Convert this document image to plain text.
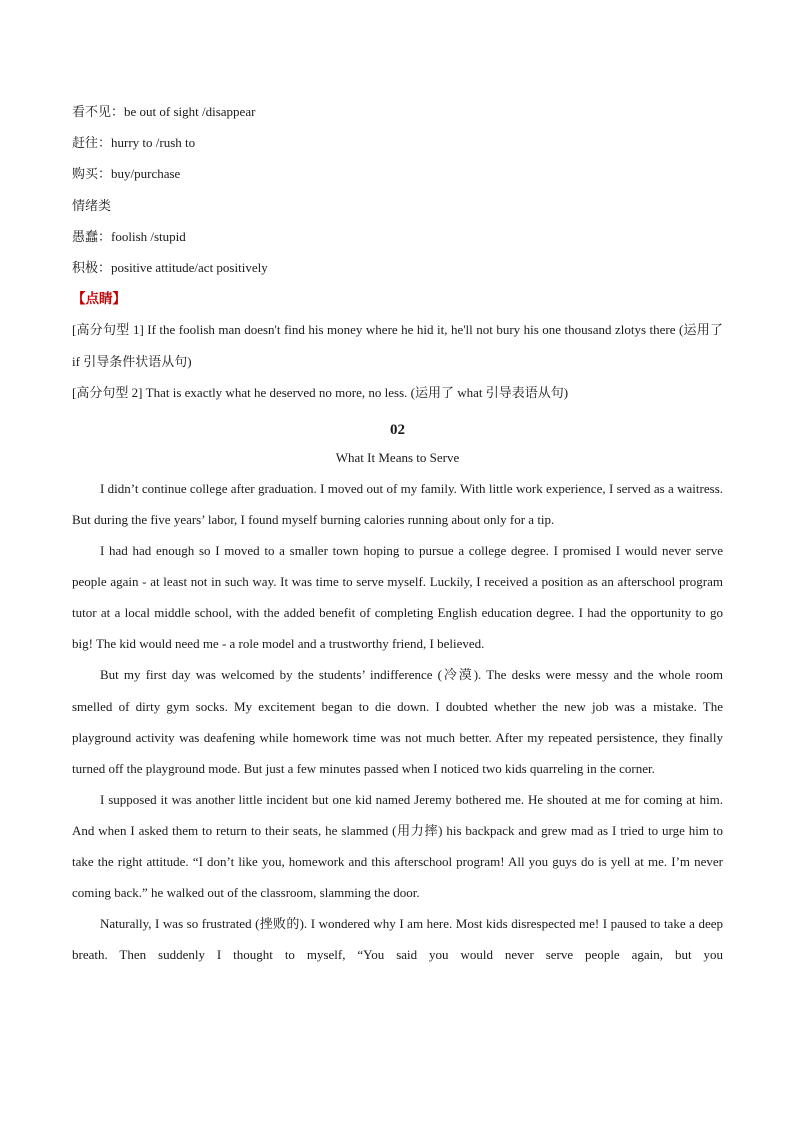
看不见：be out of sight /disappear
赶往：hurry to /rush to
购买：buy/purchase
情绪类
愚蠢：foolish /stupid
积极：positive attitude/act positively
【点睛】
[高分句型 1] If the foolish man doesn't find his money where he hid it, he'll not bury his one thousand zlotys there (运用了 if 引导条件状语从句)
[高分句型 2] That is exactly what he deserved no more, no less. (运用了 what 引导表语从句)
02
What It Means to Serve

I didn’t continue college after graduation. I moved out of my family. With little work experience, I served as a waitress. But during the five years’ labor, I found myself burning calories running about only for a tip.

I had had enough so I moved to a smaller town hoping to pursue a college degree. I promised I would never serve people again - at least not in such way. It was time to serve myself. Luckily, I received a position as an afterschool program tutor at a local middle school, with the added benefit of completing English education degree. I had the opportunity to go big! The kid would need me - a role model and a trustworthy friend, I believed.

But my first day was welcomed by the students’ indifference (冷漠). The desks were messy and the whole room smelled of dirty gym socks. My excitement began to die down. I doubted whether the new job was a mistake. The playground activity was deafening while homework time was not much better. After my repeated persistence, they finally turned off the playground mode. But just a few minutes passed when I noticed two kids quarreling in the corner.

I supposed it was another little incident but one kid named Jeremy bothered me. He shouted at me for coming at him. And when I asked them to return to their seats, he slammed (用力摔) his backpack and grew mad as I tried to urge him to take the right attitude. “I don’t like you, homework and this afterschool program! All you guys do is yell at me. I’m never coming back.” he walked out of the classroom, slamming the door.

Naturally, I was so frustrated (挫败的). I wondered why I am here. Most kids disrespected me! I paused to take a deep breath. Then suddenly I thought to myself, “You said you would never serve people again, but you
